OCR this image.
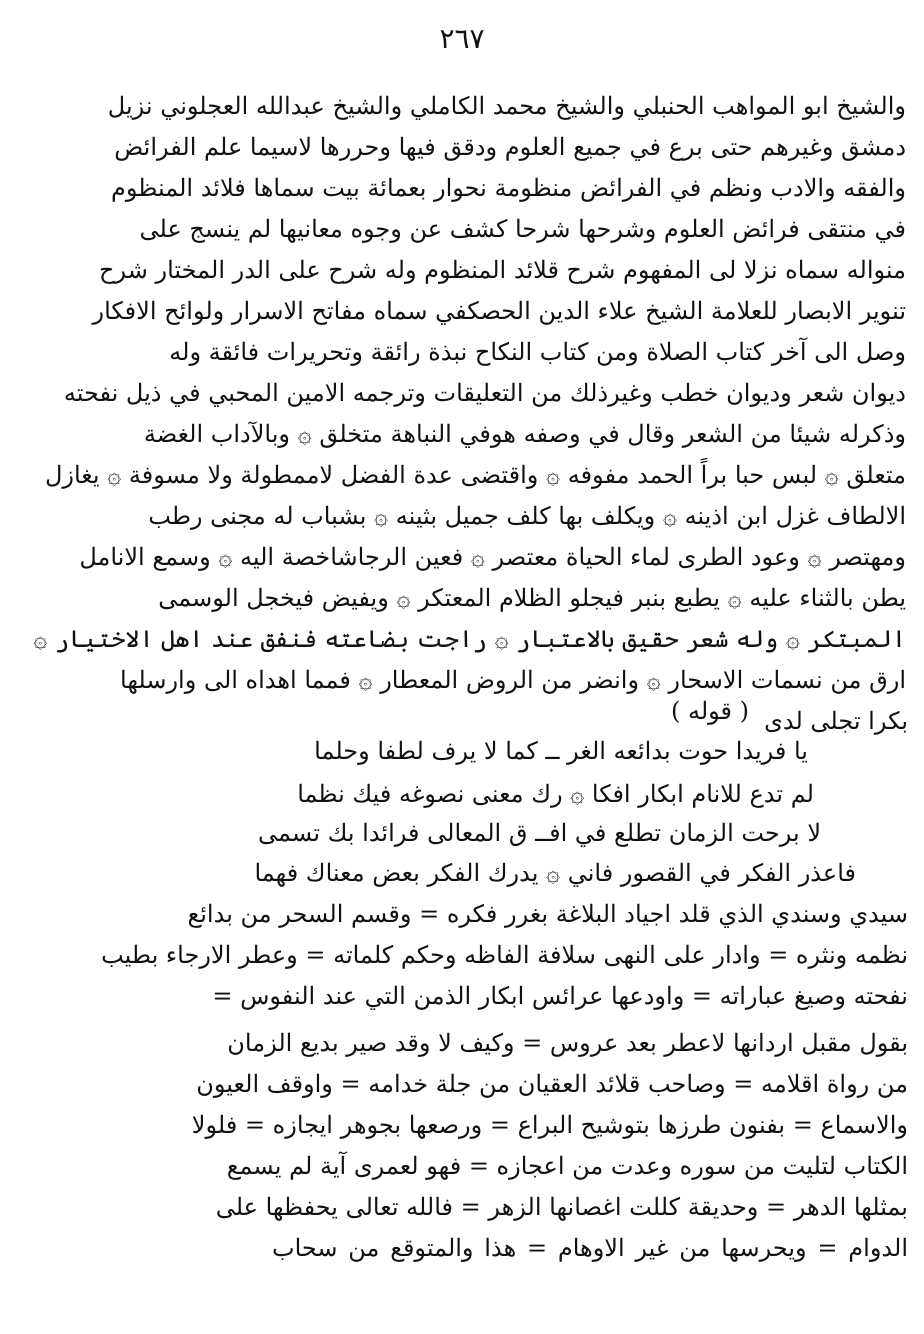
٢٦٧
والشيخ ابو المواهب الحنبلي والشيخ محمد الكاملي والشيخ عبدالله العجلوني نزيل
دمشق وغيرهم حتى برع في جميع العلوم ودقق فيها وحررها لاسيما علم الفرائض
والفقه والادب ونظم في الفرائض منظومة نحوار بعمائة بيت سماها فلائد المنظوم
في منتقى فرائض العلوم وشرحها شرحا كشف عن وجوه معانيها لم ينسج على
منواله سماه نزلا لى المفهوم شرح قلائد المنظوم وله شرح على الدر المختار شرح
تنوير الابصار للعلامة الشيخ علاء الدين الحصكفي سماه مفاتح الاسرار ولوائح الافكار
وصل الى آخر كتاب الصلاة ومن كتاب النكاح نبذة رائقة وتحريرات فائقة وله
ديوان شعر وديوان خطب وغيرذلك من التعليقات وترجمه الامين المحبي في ذيل نفحته
وذكرله شيئا من الشعر وقال في وصفه هوفي النباهة متخلق ۞ وبالآداب الغضة
متعلق ۞ لبس حبا براً الحمد مفوفه ۞ واقتضى عدة الفضل لاممطولة ولا مسوفة ۞ يغازل
الالطاف غزل ابن اذينه ۞ ويكلف بها كلف جميل بثينه ۞ بشباب له مجنى رطب
ومهتصر ۞ وعود الطرى لماء الحياة معتصر ۞ فعين الرجاشاخصة اليه ۞ وسمع الانامل
يطن بالثناء عليه ۞ يطبع بنبر فيجلو الظلام المعتكر ۞ ويفيض فيخجل الوسمى
المبتكر ۞ وله شعر حقيق بالاعتبار ۞ راجت بضاعته فنفق عند اهل الاختيار ۞
ارق من نسمات الاسحار ۞ وانضر من الروض المعطار ۞ فمما اهداه الى وارسلها
بكرا تجلى لدى
( قوله )
يا فريدا حوت بدائعه الغر ــ كما لا يرف لطفا وحلما
لم تدع للانام ابكار افكا ۞ رك معنى نصوغه فيك نظما
لا برحت الزمان تطلع في افــ ق المعالى فرائدا بك تسمى
فاعذر الفكر في القصور فاني ۞ يدرك الفكر بعض معناك فهما
سيدي وسندي الذي قلد اجياد البلاغة بغرر فكره = وقسم السحر من بدائع
نظمه ونثره = وادار على النهى سلافة الفاظه وحكم كلماته = وعطر الارجاء بطيب
نفحته وصيغ عباراته = واودعها عرائس ابكار الذمن التي عند النفوس =
بقول مقبل اردانها لاعطر بعد عروس = وكيف لا وقد صير بديع الزمان
من رواة اقلامه = وصاحب قلائد العقيان من جلة خدامه = واوقف العيون
والاسماع = بفنون طرزها بتوشيح البراع = ورصعها بجوهر ايجازه = فلولا
الكتاب لتليت من سوره وعدت من اعجازه = فهو لعمرى آية لم يسمع
بمثلها الدهر = وحديقة كللت اغصانها الزهر = فالله تعالى يحفظها على
الدوام = ويحرسها من غير الاوهام = هذا والمتوقع من سحاب
